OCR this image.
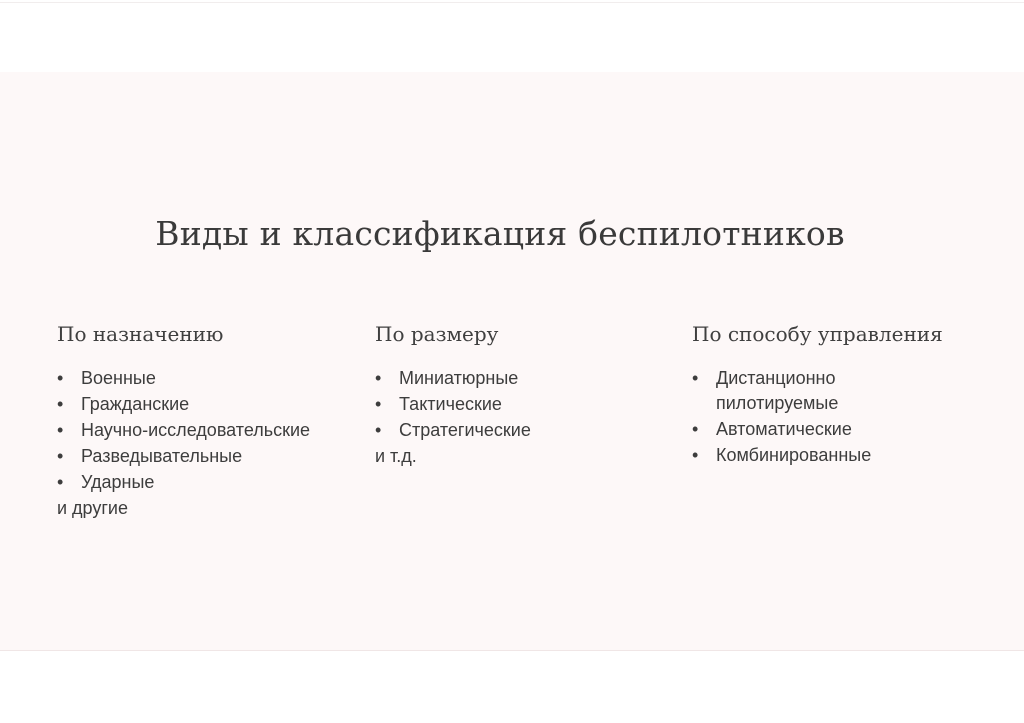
Виды и классификация беспилотников
По назначению
• Военные
• Гражданские
• Научно-исследовательские
• Разведывательные
• Ударные

и другие

По размеру
• Миниатюрные
• Тактические
• Стратегические

и т.д.

По способу управления
• Дистанционно пилотируемые
• Автоматические
• Комбинированные
